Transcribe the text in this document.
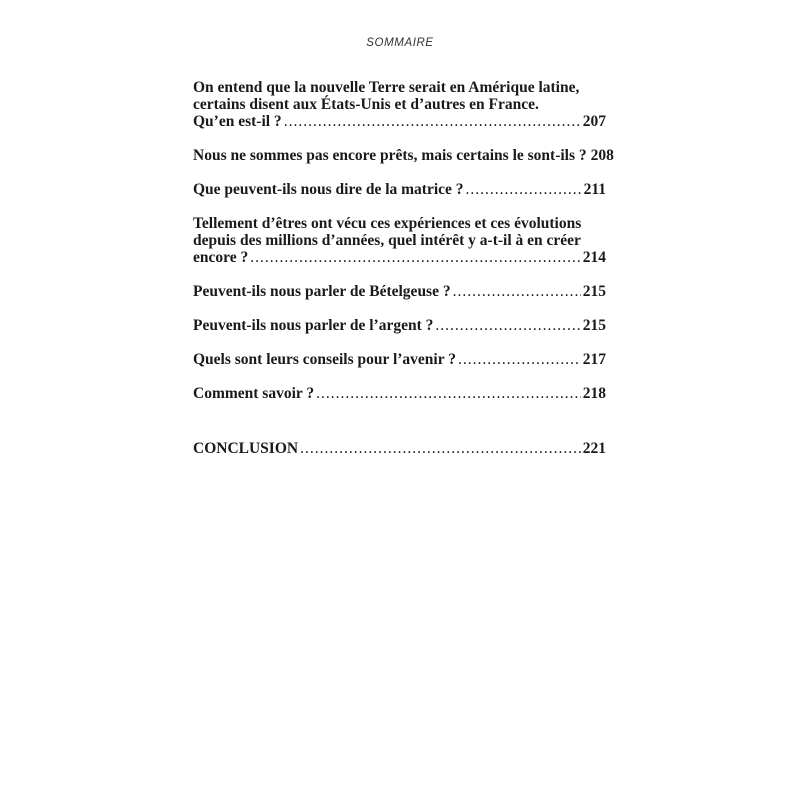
SOMMAIRE
On entend que la nouvelle Terre serait en Amérique latine,
certains disent aux États-Unis et d’autres en France.
Qu’en est-il ? .....	207
Nous ne sommes pas encore prêts, mais certains le sont-ils ? 208
Que peuvent-ils nous dire de la matrice ? .....	211
Tellement d’êtres ont vécu ces expériences et ces évolutions
depuis des millions d’années, quel intérêt y a-t-il à en créer
encore ? .....	214
Peuvent-ils nous parler de Bételgeuse ? .....	215
Peuvent-ils nous parler de l’argent ? .....	215
Quels sont leurs conseils pour l’avenir ? .....	217
Comment savoir ? .....	218
CONCLUSION .....	221
